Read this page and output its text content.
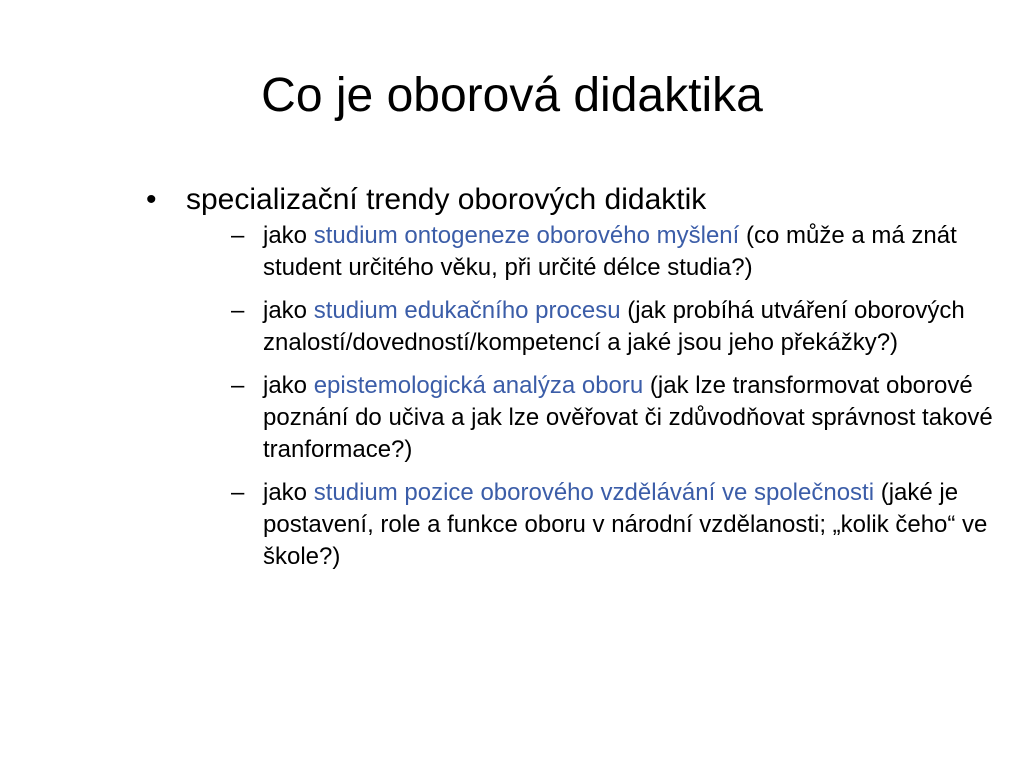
Co je oborová didaktika
• specializační trendy oborových didaktik
– jako studium ontogeneze oborového myšlení (co může a má znát student určitého věku, při určité délce studia?)
– jako studium edukačního procesu (jak probíhá utváření oborových znalostí/dovedností/kompetencí a jaké jsou jeho překážky?)
– jako epistemologická analýza oboru (jak lze transformovat oborové poznání do učiva a jak lze ověřovat či zdůvodňovat správnost takové tranformace?)
– jako studium pozice oborového vzdělávání ve společnosti (jaké je postavení, role a funkce oboru v národní vzdělanosti; „kolik čeho“ ve škole?)
